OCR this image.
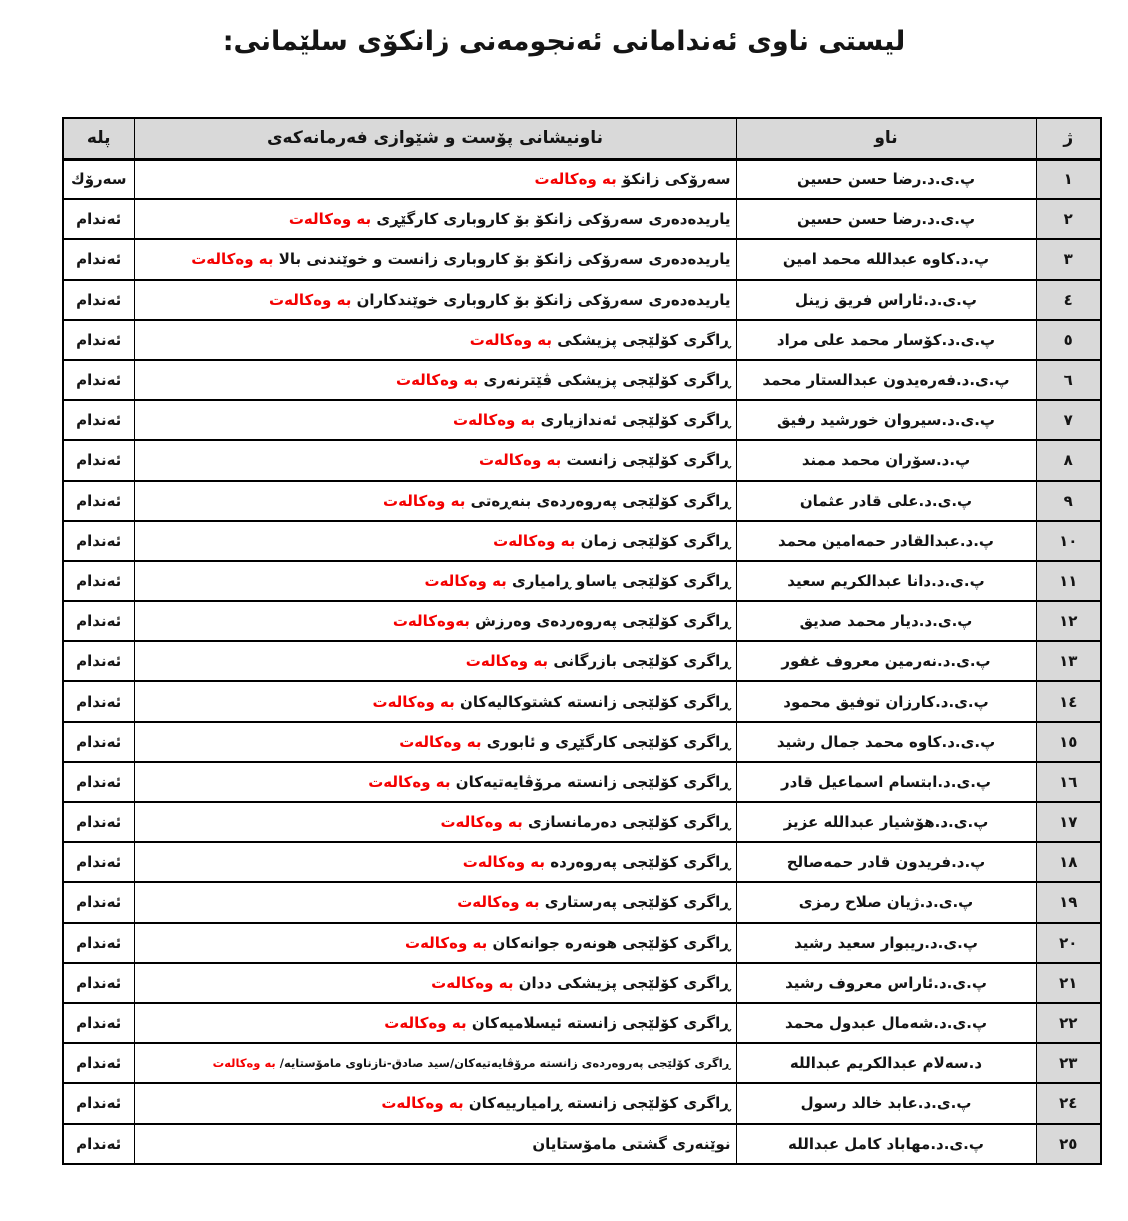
لیستی ناوی ئەندامانی ئەنجومەنی زانکۆی سلێمانی:
ژ	ناو	ناونیشانی پۆست و شێوازی فەرمانەکەی	پلە
١	پ.ی.د.رضا حسن حسین	سەرۆکی زانکۆ بە وەکالەت	سەرۆك
٢	پ.ی.د.رضا حسن حسین	یاریدەدەری سەرۆکی زانکۆ بۆ کاروباری کارگێڕی بە وەکالەت	ئەندام
٣	پ.د.کاوه عبدالله محمد امین	یاریدەدەری سەرۆکی زانکۆ بۆ کاروباری زانست و خوێندنی بالا بە وەکالەت	ئەندام
٤	پ.ی.د.ئاراس فریق زینل	یاریدەدەری سەرۆکی زانکۆ بۆ کاروباری خوێندکاران بە وەکالەت	ئەندام
٥	پ.ی.د.کۆسار محمد علی مراد	ڕاگری کۆلێجی پزیشکی بە وەکالەت	ئەندام
٦	پ.ی.د.فەرەیدون عبدالستار محمد	ڕاگری کۆلێجی پزیشکی ڤێترنەری بە وەکالەت	ئەندام
٧	پ.ی.د.سیروان خورشید رفیق	ڕاگری کۆلێجی ئەندازیاری بە وەکالەت	ئەندام
٨	پ.د.سۆران محمد ممند	ڕاگری کۆلێجی زانست بە وەکالەت	ئەندام
٩	پ.ی.د.علی قادر عثمان	ڕاگری کۆلێجی پەروەردەی بنەڕەتی بە وەکالەت	ئەندام
١٠	پ.د.عبدالقادر حمەامین محمد	ڕاگری کۆلێجی زمان بە وەکالەت	ئەندام
١١	پ.ی.د.دانا عبدالکریم سعید	ڕاگری کۆلێجی یاساو ڕامیاری بە وەکالەت	ئەندام
١٢	پ.ی.د.دیار محمد صدیق	ڕاگری کۆلێجی پەروەردەی وەرزش بەوەکالەت	ئەندام
١٣	پ.ی.د.نەرمین معروف غفور	ڕاگری کۆلێجی بازرگانی بە وەکالەت	ئەندام
١٤	پ.ی.د.کارزان توفیق محمود	ڕاگری کۆلێجی زانستە کشتوکالیەکان بە وەکالەت	ئەندام
١٥	پ.ی.د.کاوه محمد جمال رشید	ڕاگری کۆلێجی کارگێڕی و ئابوری بە وەکالەت	ئەندام
١٦	پ.ی.د.ابتسام اسماعیل قادر	ڕاگری کۆلێجی زانستە مرۆڤایەتیەکان بە وەکالەت	ئەندام
١٧	پ.ی.د.هۆشیار عبدالله عزیز	ڕاگری کۆلێجی دەرمانسازی بە وەکالەت	ئەندام
١٨	پ.د.فریدون قادر حمەصالح	ڕاگری کۆلێجی پەروەردە بە وەکالەت	ئەندام
١٩	پ.ی.د.ژیان صلاح رمزی	ڕاگری کۆلێجی پەرستاری بە وەکالەت	ئەندام
٢٠	پ.ی.د.ریبوار سعید رشید	ڕاگری کۆلێجی هونەرە جوانەکان بە وەکالەت	ئەندام
٢١	پ.ی.د.ئاراس معروف رشید	ڕاگری کۆلێجی پزیشکی ددان بە وەکالەت	ئەندام
٢٢	پ.ی.د.شەمال عبدول محمد	ڕاگری کۆلێجی زانستە ئیسلامیەکان بە وەکالەت	ئەندام
٢٣	د.سەلام عبدالکریم عبدالله	ڕاگری کۆلێجی پەروەردەی زانستە مرۆڤایەتیەکان/سید صادق-نازناوی مامۆستایە/ بە وەکالەت	ئەندام
٢٤	پ.ی.د.عابد خالد رسول	ڕاگری کۆلێجی زانستە ڕامیارییەکان بە وەکالەت	ئەندام
٢٥	پ.ی.د.مهاباد کامل عبدالله	نوێنەری گشتی مامۆستایان	ئەندام
